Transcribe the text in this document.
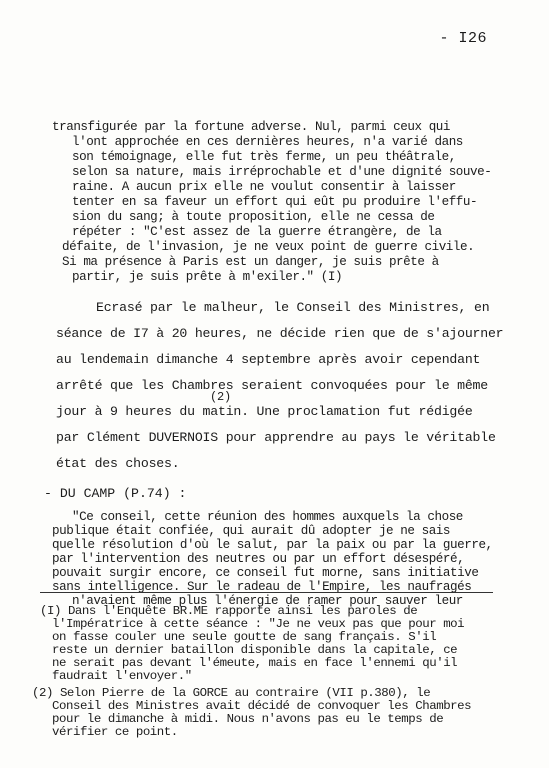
- I26
transfigurée par la fortune adverse. Nul, parmi ceux qui
l'ont approchée en ces dernières heures, n'a varié dans
son témoignage, elle fut très ferme, un peu théâtrale,
selon sa nature, mais irréprochable et d'une dignité souve-
raine. A aucun prix elle ne voulut consentir à laisser
tenter en sa faveur un effort qui eût pu produire l'effu-
sion du sang; à toute proposition, elle ne cessa de
répéter : "C'est assez de la guerre étrangère, de la
défaite, de l'invasion, je ne veux point de guerre civile.
Si ma présence à Paris est un danger, je suis prête à
partir, je suis prête à m'exiler." (I)
Ecrasé par le malheur, le Conseil des Ministres, en
séance de I7 à 20 heures, ne décide rien que de s'ajourner
au lendemain dimanche 4 septembre après avoir cependant
arrêté que les Chambres seraient convoquées pour le même
jour à 9 heures du matin. Une proclamation fut rédigée
par Clément DUVERNOIS pour apprendre au pays le véritable
état des choses.
(2)
- DU CAMP (P.74) :
"Ce conseil, cette réunion des hommes auxquels la chose
publique était confiée, qui aurait dû adopter je ne sais
quelle résolution d'où le salut, par la paix ou par la guerre,
par l'intervention des neutres ou par un effort désespéré,
pouvait surgir encore, ce conseil fut morne, sans initiative
sans intelligence. Sur le radeau de l'Empire, les naufragés
n'avaient même plus l'énergie de ramer pour sauver leur
(I) Dans l'Enquête BR.ME rapporte ainsi les paroles de
l'Impératrice à cette séance : "Je ne veux pas que pour moi
on fasse couler une seule goutte de sang français. S'il
reste un dernier bataillon disponible dans la capitale, ce
ne serait pas devant l'émeute, mais en face l'ennemi qu'il
faudrait l'envoyer."
(2) Selon Pierre de la GORCE au contraire (VII p.380), le
Conseil des Ministres avait décidé de convoquer les Chambres
pour le dimanche à midi. Nous n'avons pas eu le temps de
vérifier ce point.
